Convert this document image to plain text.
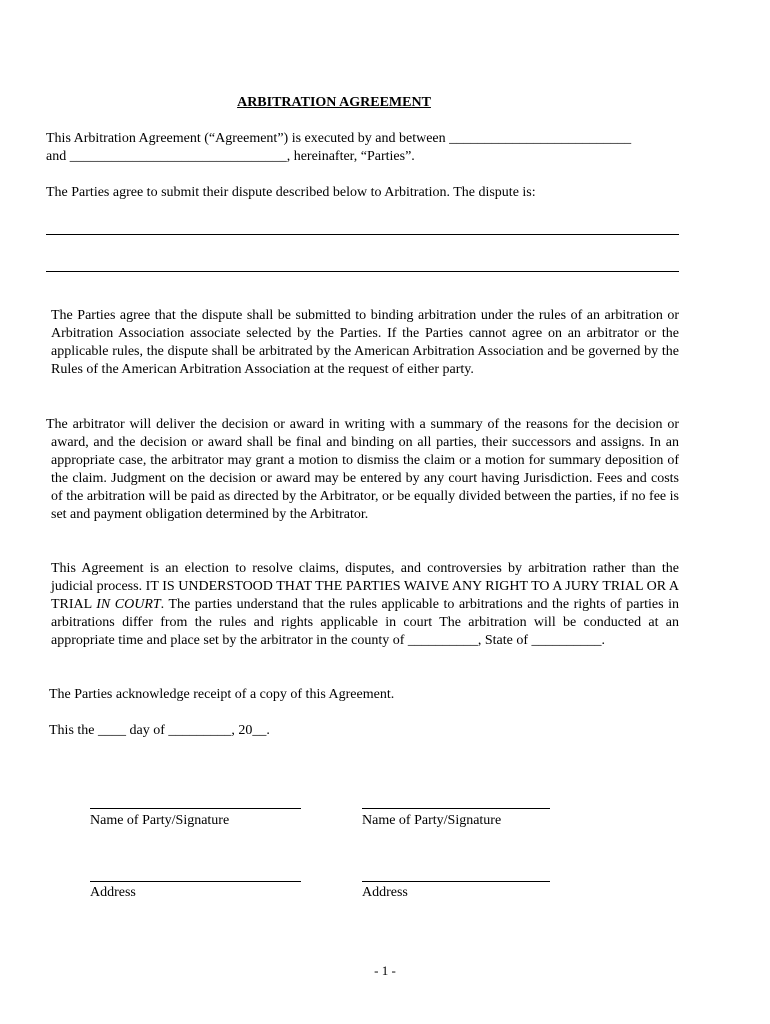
ARBITRATION AGREEMENT
This Arbitration Agreement (“Agreement”) is executed by and between __________________________
and _______________________________, hereinafter, “Parties”.
The Parties agree to submit their dispute described below to Arbitration. The dispute is:

The Parties agree that the dispute shall be submitted to binding arbitration under the rules of an arbitration or Arbitration Association associate selected by the Parties. If the Parties cannot agree on an arbitrator or the applicable rules, the dispute shall be arbitrated by the American Arbitration Association and be governed by the Rules of the American Arbitration Association at the request of either party.

The arbitrator will deliver the decision or award in writing with a summary of the reasons for the decision or award, and the decision or award shall be final and binding on all parties, their successors and assigns. In an appropriate case, the arbitrator may grant a motion to dismiss the claim or a motion for summary deposition of the claim. Judgment on the decision or award may be entered by any court having Jurisdiction. Fees and costs of the arbitration will be paid as directed by the Arbitrator, or be equally divided between the parties, if no fee is set and payment obligation determined by the Arbitrator.

This Agreement is an election to resolve claims, disputes, and controversies by arbitration rather than the judicial process. IT IS UNDERSTOOD THAT THE PARTIES WAIVE ANY RIGHT TO A JURY TRIAL OR A TRIAL IN COURT. The parties understand that the rules applicable to arbitrations and the rights of parties in arbitrations differ from the rules and rights applicable in court The arbitration will be conducted at an appropriate time and place set by the arbitrator in the county of __________, State of __________.

The Parties acknowledge receipt of a copy of this Agreement.
This the ____ day of _________, 20__.
Name of Party/Signature	Name of Party/Signature
Address	Address
- 1 -
